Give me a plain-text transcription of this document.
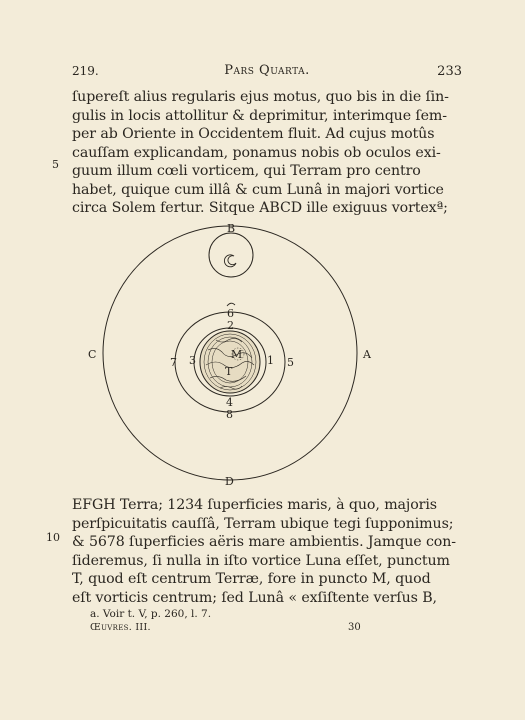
219.	Pars Quarta.	233
ſupereſt alius regularis ejus motus, quo bis in die ſin-
gulis in locis attollitur & deprimitur, interimque ſem-
per ab Oriente in Occidentem fluit. Ad cujus motûs
cauſſam explicandam, ponamus nobis ob oculos exi-
guum illum cœli vorticem, qui Terram pro centro
habet, quique cum illâ & cum Lunâ in majori vortice
circa Solem fertur. Sitque ABCD ille exiguus vortexª;
5
B
A
C
D
6
2
7 3	1 5
4
8
M
T
EFGH Terra; 1234 ſuperficies maris, à quo, majoris
perſpicuitatis cauſſâ, Terram ubique tegi ſupponimus;
& 5678 ſuperficies aëris mare ambientis. Jamque con-
ſideremus, ſi nulla in iſto vortice Luna eſſet, punctum
T, quod eſt centrum Terræ, fore in puncto M, quod
eſt vorticis centrum; ſed Lunâ « exſiſtente verſus B,
10
a. Voir t. V, p. 260, l. 7.
Œuvres. III.	30
